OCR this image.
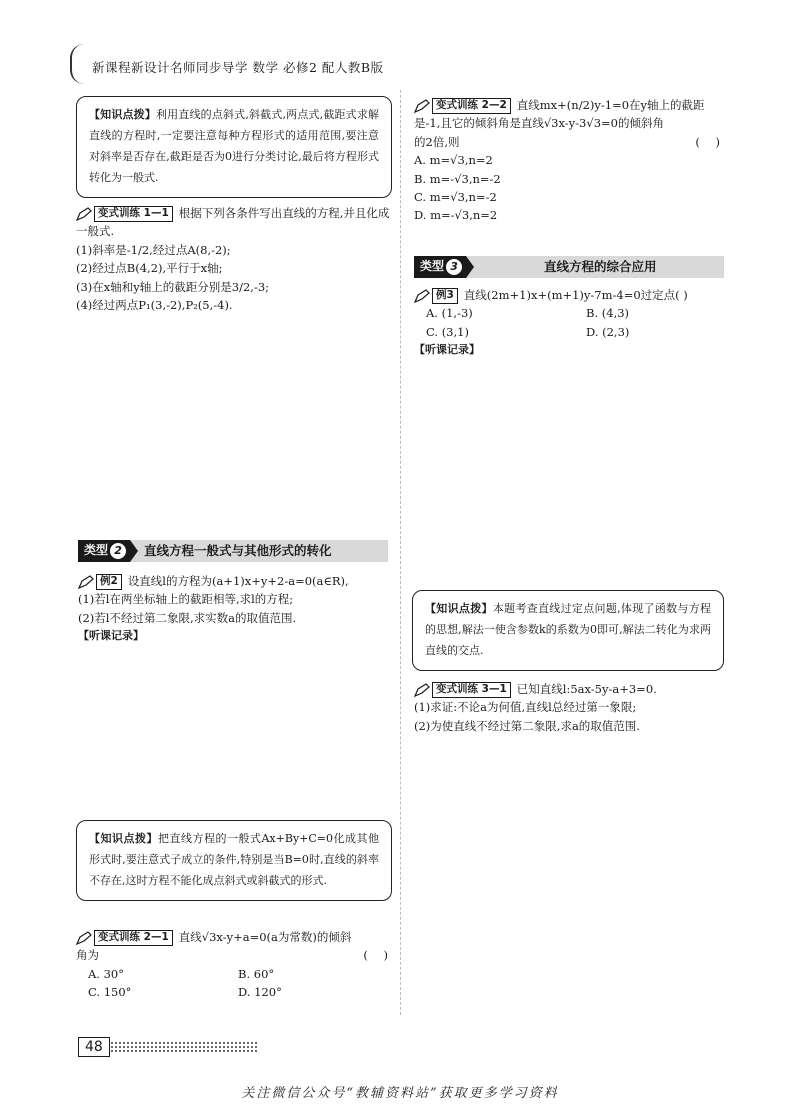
新课程新设计名师同步导学 数学 必修2 配人教B版
【知识点拨】利用直线的点斜式,斜截式,两点式,截距式求解直线的方程时,一定要注意每种方程形式的适用范围,要注意对斜率是否存在,截距是否为0进行分类讨论,最后将方程形式转化为一般式.
变式训练 1—1 根据下列各条件写出直线的方程,并且化成一般式.
(1)斜率是-1/2,经过点A(8,-2);
(2)经过点B(4,2),平行于x轴;
(3)在x轴和y轴上的截距分别是3/2,-3;
(4)经过两点P₁(3,-2),P₂(5,-4).
类型 2	直线方程一般式与其他形式的转化
例2 设直线l的方程为(a+1)x+y+2-a=0(a∈R),
(1)若l在两坐标轴上的截距相等,求l的方程;
(2)若l不经过第二象限,求实数a的取值范围.
【听课记录】
【知识点拨】把直线方程的一般式Ax+By+C=0化成其他形式时,要注意式子成立的条件,特别是当B=0时,直线的斜率不存在,这时方程不能化成点斜式或斜截式的形式.
变式训练 2—1 直线√3x-y+a=0(a为常数)的倾斜
角为	( )
A. 30°	B. 60°
C. 150°	D. 120°
变式训练 2—2 直线mx+(n/2)y-1=0在y轴上的截距
是-1,且它的倾斜角是直线√3x-y-3√3=0的倾斜角
的2倍,则	( )
A. m=√3,n=2
B. m=-√3,n=-2
C. m=√3,n=-2
D. m=-√3,n=2
类型 3	直线方程的综合应用
例3 直线(2m+1)x+(m+1)y-7m-4=0过定点( )
A. (1,-3)	B. (4,3)
C. (3,1)	D. (2,3)
【听课记录】
【知识点拨】本题考查直线过定点问题,体现了函数与方程的思想,解法一使含参数k的系数为0即可,解法二转化为求两直线的交点.
变式训练 3—1 已知直线l:5ax-5y-a+3=0.
(1)求证:不论a为何值,直线l总经过第一象限;
(2)为使直线不经过第二象限,求a的取值范围.
48
关注微信公众号“教辅资料站”获取更多学习资料
